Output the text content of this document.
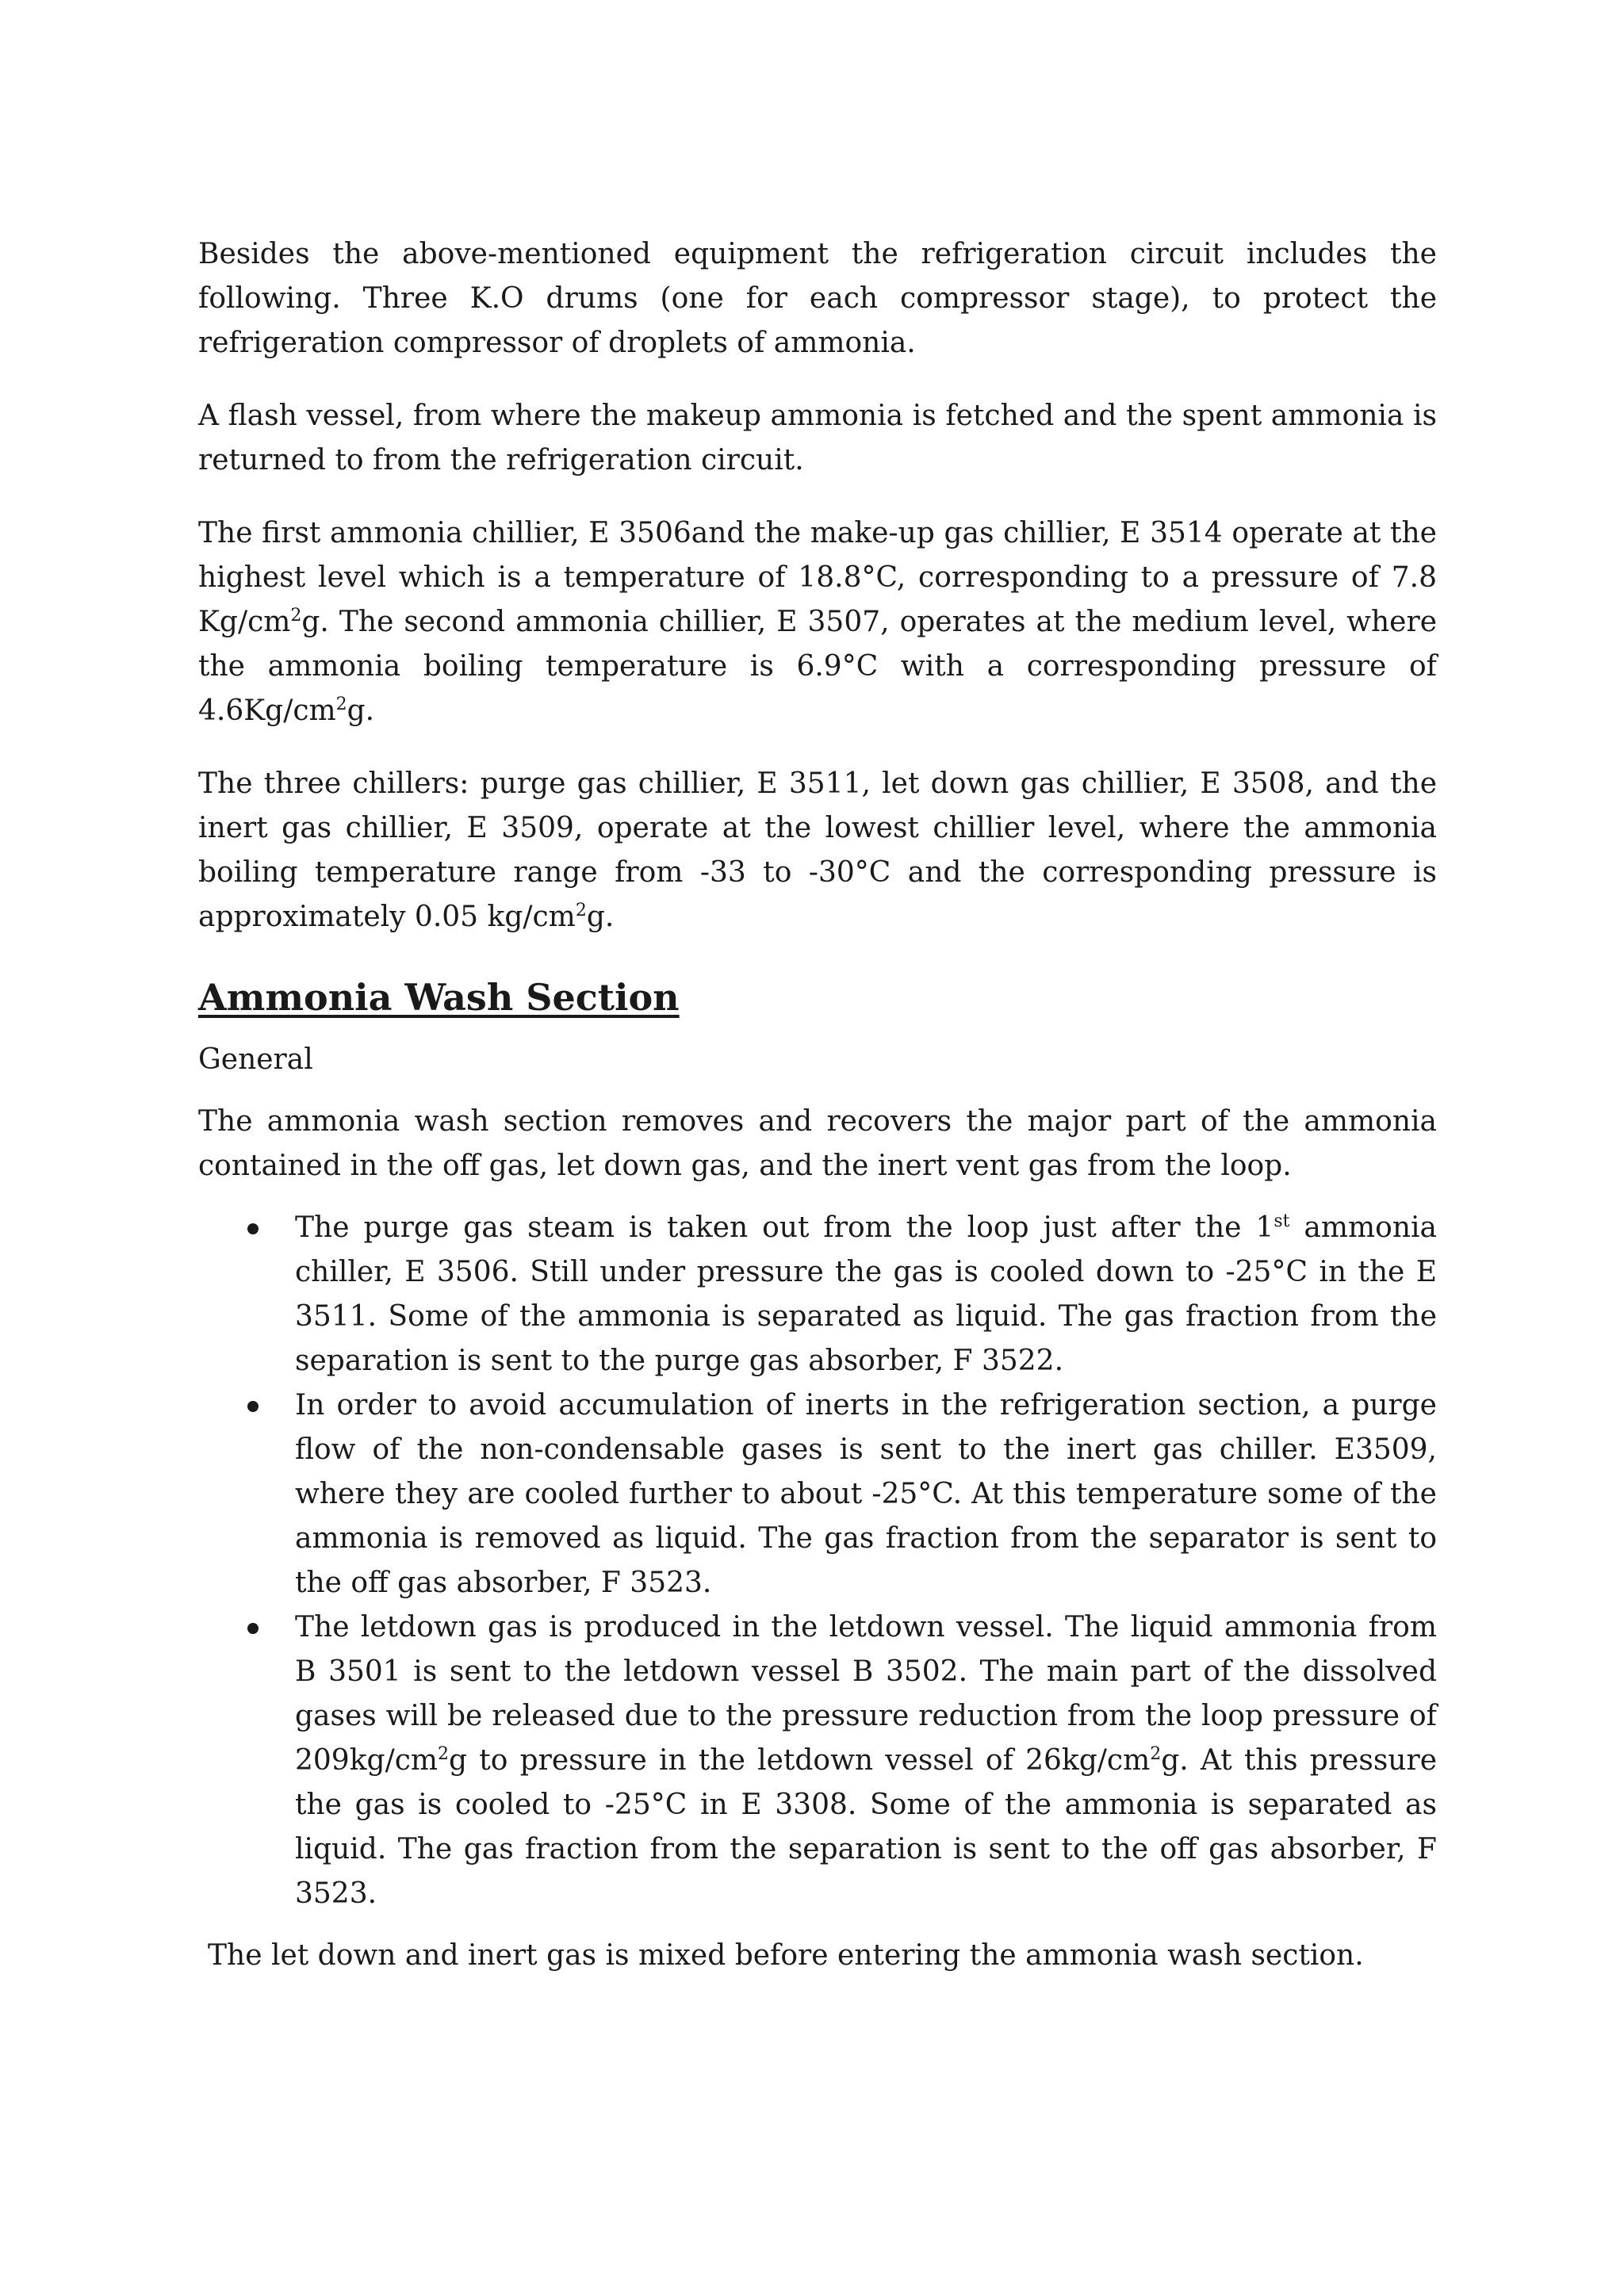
Besides the above-mentioned equipment the refrigeration circuit includes the following. Three K.O drums (one for each compressor stage), to protect the refrigeration compressor of droplets of ammonia.

A flash vessel, from where the makeup ammonia is fetched and the spent ammonia is returned to from the refrigeration circuit.

The first ammonia chillier, E 3506and the make-up gas chillier, E 3514 operate at the highest level which is a temperature of 18.8°C, corresponding to a pressure of 7.8 $Kg/cm^2g$. The second ammonia chillier, E 3507, operates at the medium level, where the ammonia boiling temperature is 6.9°C with a corresponding pressure of $4.6Kg/cm^2g$.

The three chillers: purge gas chillier, E 3511, let down gas chillier, E 3508, and the inert gas chillier, E 3509, operate at the lowest chillier level, where the ammonia boiling temperature range from -33 to -30°C and the corresponding pressure is approximately 0.05 $kg/cm^2g$.

Ammonia Wash Section

General

The ammonia wash section removes and recovers the major part of the ammonia contained in the off gas, let down gas, and the inert vent gas from the loop.

The purge gas steam is taken out from the loop just after the 1st ammonia chiller, E 3506. Still under pressure the gas is cooled down to -25°C in the E 3511. Some of the ammonia is separated as liquid. The gas fraction from the separation is sent to the purge gas absorber, F 3522.
In order to avoid accumulation of inerts in the refrigeration section, a purge flow of the non-condensable gases is sent to the inert gas chiller. E3509, where they are cooled further to about -25°C. At this temperature some of the ammonia is removed as liquid. The gas fraction from the separator is sent to the off gas absorber, F 3523.
The letdown gas is produced in the letdown vessel. The liquid ammonia from B 3501 is sent to the letdown vessel B 3502. The main part of the dissolved gases will be released due to the pressure reduction from the loop pressure of $209kg/cm^2g$ to pressure in the letdown vessel of $26kg/cm^2g$. At this pressure the gas is cooled to -25°C in E 3308. Some of the ammonia is separated as liquid. The gas fraction from the separation is sent to the off gas absorber, F 3523.

The let down and inert gas is mixed before entering the ammonia wash section.
